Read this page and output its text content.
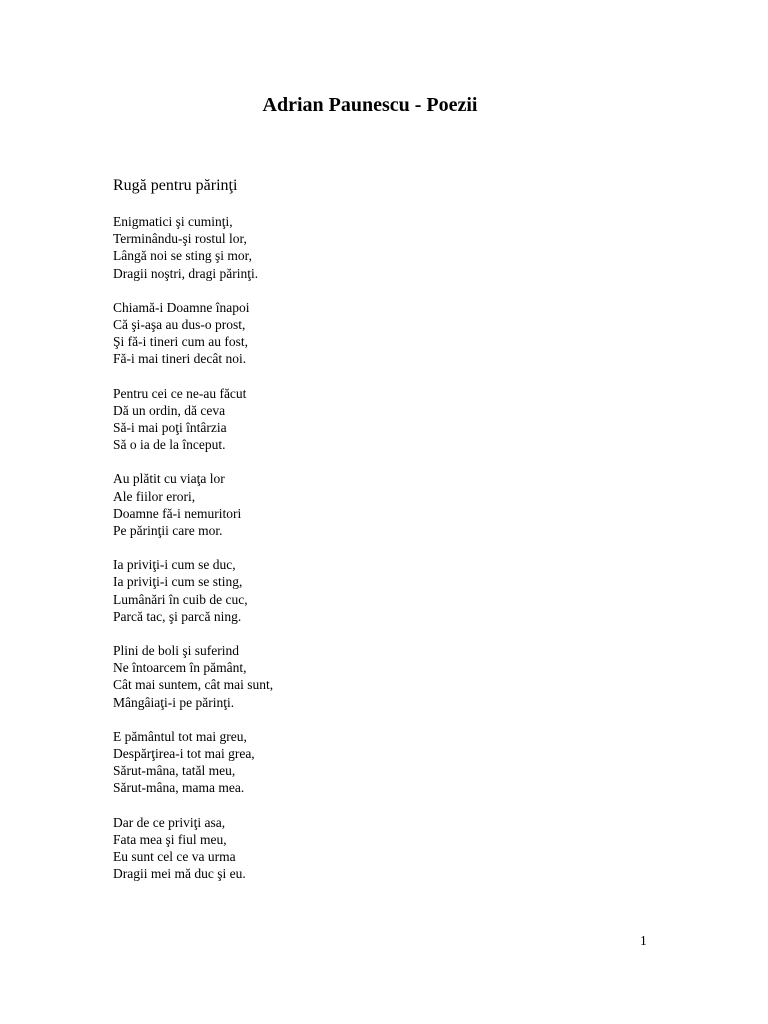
Adrian Paunescu - Poezii
Rugă pentru părinţi
Enigmatici şi cuminţi,
Terminându-şi rostul lor,
Lângă noi se sting şi mor,
Dragii noştri, dragi părinţi.
Chiamă-i Doamne înapoi
Că şi-aşa au dus-o prost,
Şi fă-i tineri cum au fost,
Fă-i mai tineri decât noi.
Pentru cei ce ne-au făcut
Dă un ordin, dă ceva
Să-i mai poţi întârzia
Să o ia de la început.
Au plătit cu viaţa lor
Ale fiilor erori,
Doamne fă-i nemuritori
Pe părinţii care mor.
Ia priviţi-i cum se duc,
Ia priviţi-i cum se sting,
Lumânări în cuib de cuc,
Parcă tac, şi parcă ning.
Plini de boli şi suferind
Ne întoarcem în pământ,
Cât mai suntem, cât mai sunt,
Mângâiaţi-i pe părinţi.
E pământul tot mai greu,
Despărţirea-i tot mai grea,
Sărut-mâna, tatăl meu,
Sărut-mâna, mama mea.
Dar de ce priviţi asa,
Fata mea şi fiul meu,
Eu sunt cel ce va urma
Dragii mei mă duc şi eu.
1
